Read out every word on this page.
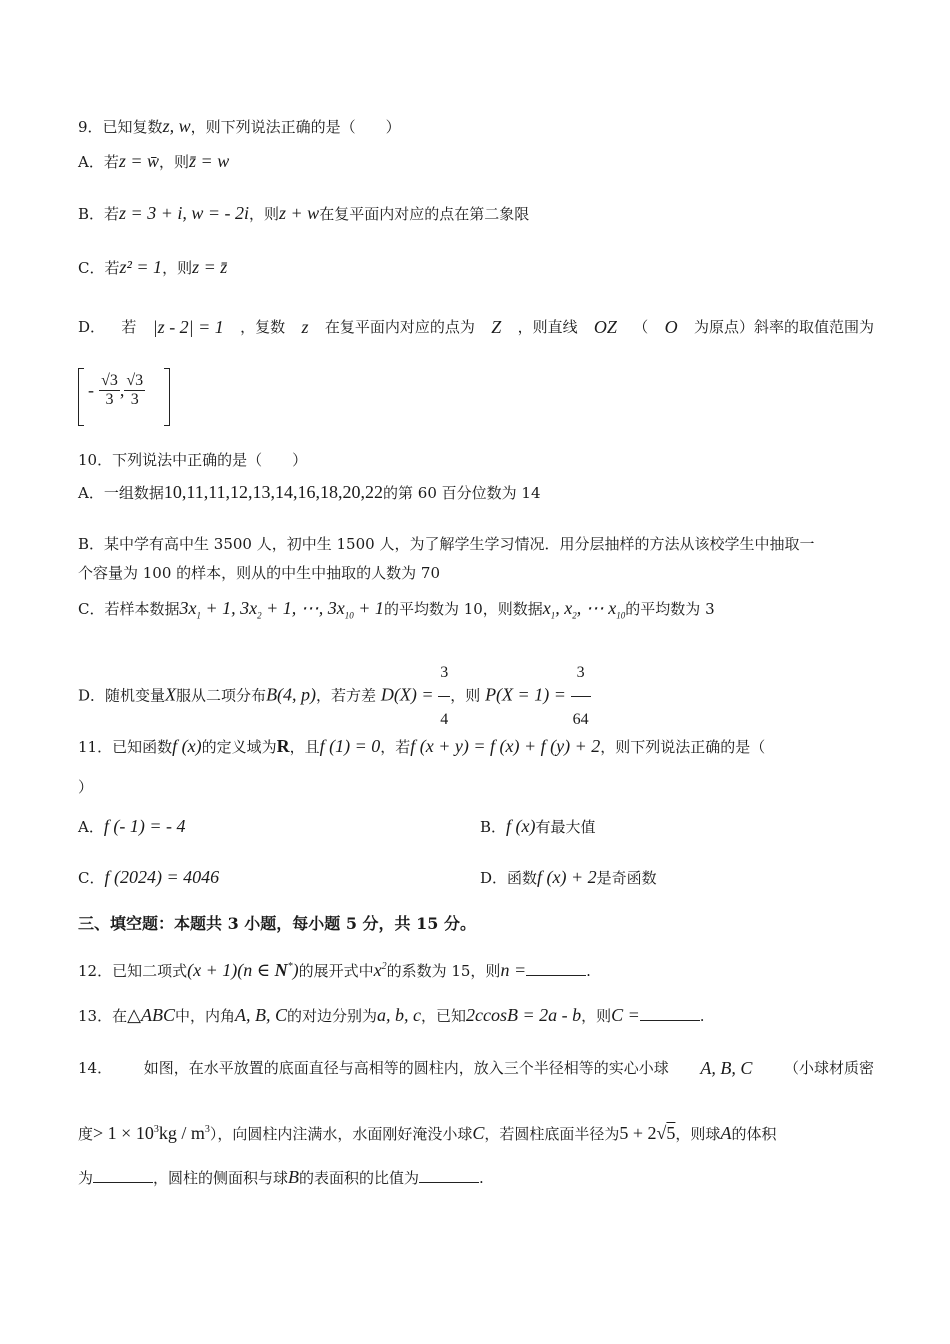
9．已知复数z, w，则下列说法正确的是（　　）
A．若z = w̄，则z̄ = w
B．若z = 3 + i, w = - 2i，则z + w在复平面内对应的点在第二象限
C．若z² = 1，则z = z̄
D． 若 |z - 2| = 1 ，复数 z 在复平面内对应的点为 Z ，则直线 OZ （ O 为原点）斜率的取值范围为
- $\frac{√3}{3}$ , $\frac{√3}{3}$
10．下列说法中正确的是（　　）
A．一组数据10,11,11,12,13,14,16,18,20,22的第 60 百分位数为 14
B．某中学有高中生 3500 人，初中生 1500 人，为了解学生学习情况．用分层抽样的方法从该校学生中抽取一
个容量为 100 的样本，则从的中生中抽取的人数为 70
C．若样本数据$3x_1 + 1$, $3x_2 + 1$, ⋯, $3x_{10} + 1$的平均数为 10，则数据$x_1$, $x_2$, ⋯ $x_{10}$的平均数为 3
D．随机变量X服从二项分布B(4, p)，若方差 $D(X) = \frac{3}{4}$ ，则 $P(X = 1) = \frac{3}{64}$
11．已知函数f (x)的定义域为R，且f (1) = 0，若f (x + y) = f (x) + f (y) + 2，则下列说法正确的是（
）
A．f (- 1) = - 4	B．f (x)有最大值
C．f (2024) = 4046	D．函数f (x) + 2是奇函数
三、填空题：本题共 3 小题，每小题 5 分，共 15 分。
12．已知二项式(x + 1)(n ∈ N*)的展开式中$x^2$的系数为 15，则n =	.
13．在△ABC中，内角A, B, C的对边分别为a, b, c，已知2ccosB = 2a - b，则C =	.
14． 如图，在水平放置的底面直径与高相等的圆柱内，放入三个半径相等的实心小球 A, B, C （小球材质密
度> $1 \times 10^3kg / m^3$），向圆柱内注满水，水面刚好淹没小球C，若圆柱底面半径为5 + 2√5，则球A的体积
为	，圆柱的侧面积与球B的表面积的比值为	.
